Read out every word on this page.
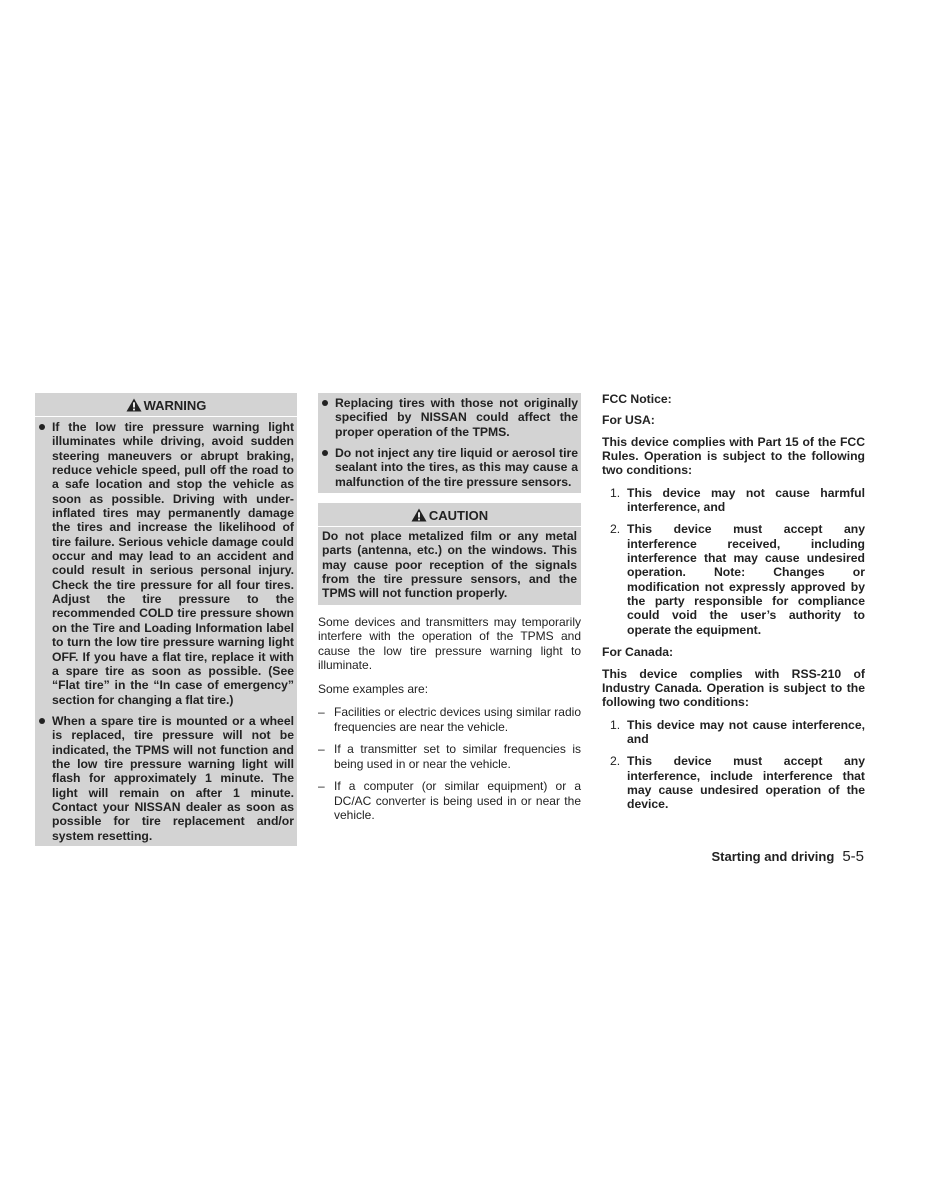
WARNING
If the low tire pressure warning light illuminates while driving, avoid sudden steering maneuvers or abrupt braking, reduce vehicle speed, pull off the road to a safe location and stop the vehicle as soon as possible. Driving with under-inflated tires may permanently damage the tires and increase the likelihood of tire failure. Serious vehicle damage could occur and may lead to an accident and could result in serious personal injury. Check the tire pressure for all four tires. Adjust the tire pressure to the recommended COLD tire pressure shown on the Tire and Loading Information label to turn the low tire pressure warning light OFF. If you have a flat tire, replace it with a spare tire as soon as possible. (See “Flat tire” in the “In case of emergency” section for changing a flat tire.)
When a spare tire is mounted or a wheel is replaced, tire pressure will not be indicated, the TPMS will not function and the low tire pressure warning light will flash for approximately 1 minute. The light will remain on after 1 minute. Contact your NISSAN dealer as soon as possible for tire replacement and/or system resetting.
Replacing tires with those not originally specified by NISSAN could affect the proper operation of the TPMS.
Do not inject any tire liquid or aerosol tire sealant into the tires, as this may cause a malfunction of the tire pressure sensors.
CAUTION
Do not place metalized film or any metal parts (antenna, etc.) on the windows. This may cause poor reception of the signals from the tire pressure sensors, and the TPMS will not function properly.
Some devices and transmitters may temporarily interfere with the operation of the TPMS and cause the low tire pressure warning light to illuminate.
Some examples are:
– Facilities or electric devices using similar radio frequencies are near the vehicle.
– If a transmitter set to similar frequencies is being used in or near the vehicle.
– If a computer (or similar equipment) or a DC/AC converter is being used in or near the vehicle.
FCC Notice:
For USA:
This device complies with Part 15 of the FCC Rules. Operation is subject to the following two conditions:
1. This device may not cause harmful interference, and
2. This device must accept any interference received, including interference that may cause undesired operation. Note: Changes or modification not expressly approved by the party responsible for compliance could void the user’s authority to operate the equipment.
For Canada:
This device complies with RSS-210 of Industry Canada. Operation is subject to the following two conditions:
1. This device may not cause interference, and
2. This device must accept any interference, include interference that may cause undesired operation of the device.
Starting and driving 5-5
